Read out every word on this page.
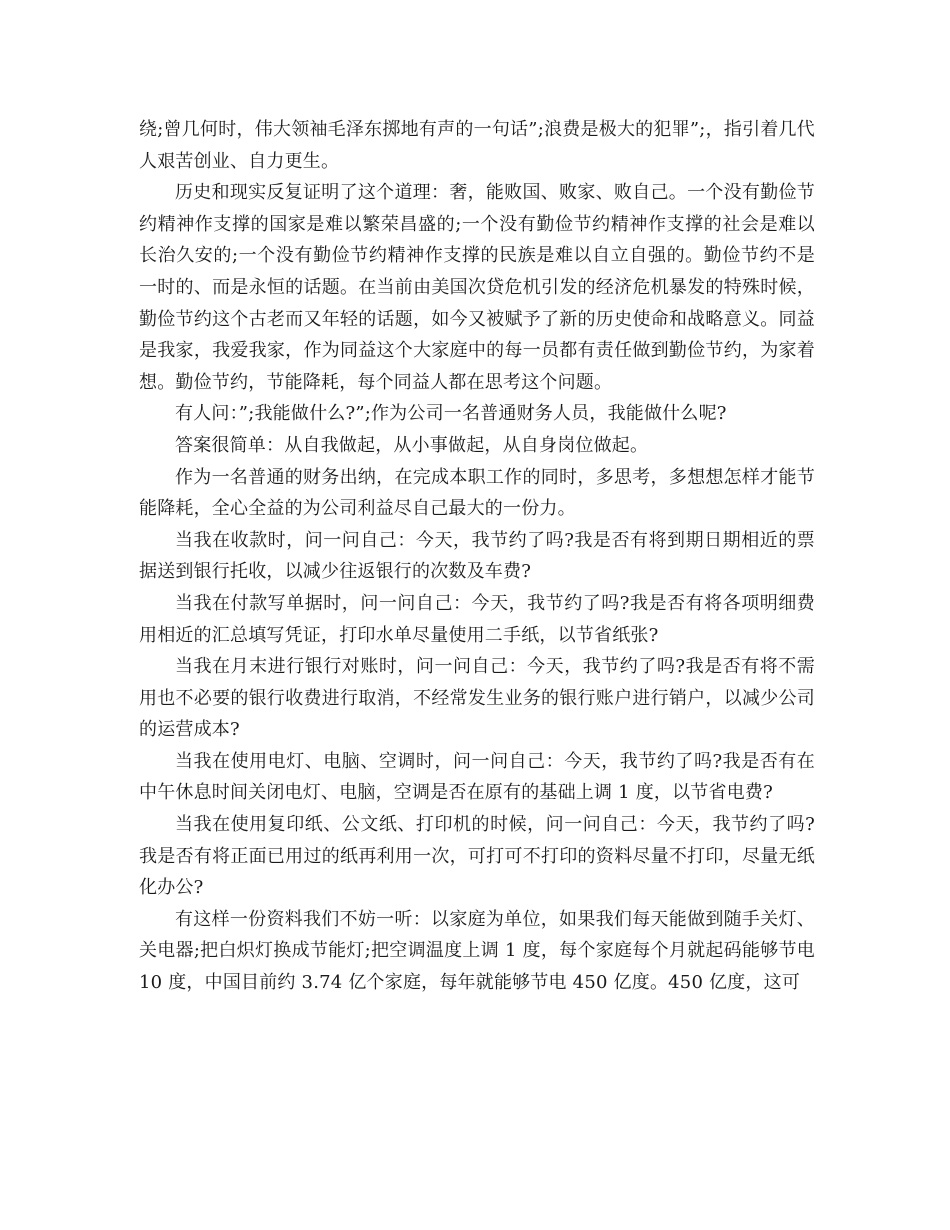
绕;曾几何时，伟大领袖毛泽东掷地有声的一句话”;浪费是极大的犯罪”;，指引着几代人艰苦创业、自力更生。

历史和现实反复证明了这个道理：奢，能败国、败家、败自己。一个没有勤俭节约精神作支撑的国家是难以繁荣昌盛的;一个没有勤俭节约精神作支撑的社会是难以长治久安的;一个没有勤俭节约精神作支撑的民族是难以自立自强的。勤俭节约不是一时的、而是永恒的话题。在当前由美国次贷危机引发的经济危机暴发的特殊时候，勤俭节约这个古老而又年轻的话题，如今又被赋予了新的历史使命和战略意义。同益是我家，我爱我家，作为同益这个大家庭中的每一员都有责任做到勤俭节约，为家着想。勤俭节约，节能降耗，每个同益人都在思考这个问题。

有人问：”;我能做什么?”;作为公司一名普通财务人员，我能做什么呢?

答案很简单：从自我做起，从小事做起，从自身岗位做起。

作为一名普通的财务出纳，在完成本职工作的同时，多思考，多想想怎样才能节能降耗，全心全益的为公司利益尽自己最大的一份力。

当我在收款时，问一问自己：今天，我节约了吗?我是否有将到期日期相近的票据送到银行托收，以减少往返银行的次数及车费?

当我在付款写单据时，问一问自己：今天，我节约了吗?我是否有将各项明细费用相近的汇总填写凭证，打印水单尽量使用二手纸，以节省纸张?

当我在月末进行银行对账时，问一问自己：今天，我节约了吗?我是否有将不需用也不必要的银行收费进行取消，不经常发生业务的银行账户进行销户，以减少公司的运营成本?

当我在使用电灯、电脑、空调时，问一问自己：今天，我节约了吗?我是否有在中午休息时间关闭电灯、电脑，空调是否在原有的基础上调 1 度，以节省电费?

当我在使用复印纸、公文纸、打印机的时候，问一问自己：今天，我节约了吗?我是否有将正面已用过的纸再利用一次，可打可不打印的资料尽量不打印，尽量无纸化办公?

有这样一份资料我们不妨一听：以家庭为单位，如果我们每天能做到随手关灯、关电器;把白炽灯换成节能灯;把空调温度上调 1 度，每个家庭每个月就起码能够节电 10 度，中国目前约 3.74 亿个家庭，每年就能够节电 450 亿度。450 亿度，这可
